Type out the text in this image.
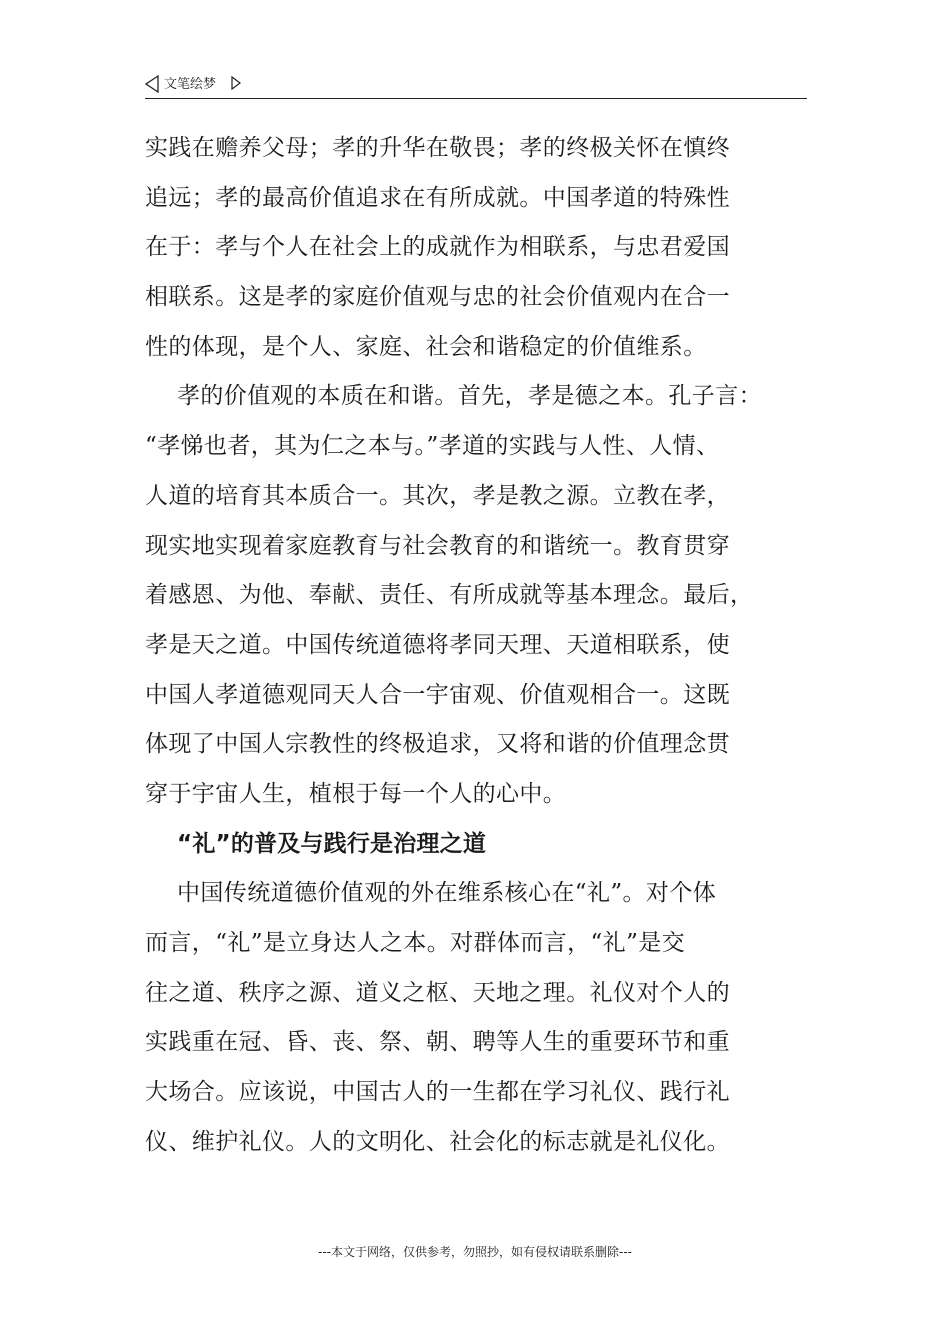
文笔绘梦
实践在赡养父母；孝的升华在敬畏；孝的终极关怀在慎终
追远；孝的最高价值追求在有所成就。中国孝道的特殊性
在于：孝与个人在社会上的成就作为相联系，与忠君爱国
相联系。这是孝的家庭价值观与忠的社会价值观内在合一
性的体现，是个人、家庭、社会和谐稳定的价值维系。
孝的价值观的本质在和谐。首先，孝是德之本。孔子言：
“孝悌也者，其为仁之本与。”孝道的实践与人性、人情、
人道的培育其本质合一。其次，孝是教之源。立教在孝，
现实地实现着家庭教育与社会教育的和谐统一。教育贯穿
着感恩、为他、奉献、责任、有所成就等基本理念。最后，
孝是天之道。中国传统道德将孝同天理、天道相联系，使
中国人孝道德观同天人合一宇宙观、价值观相合一。这既
体现了中国人宗教性的终极追求，又将和谐的价值理念贯
穿于宇宙人生，植根于每一个人的心中。
“礼”的普及与践行是治理之道
中国传统道德价值观的外在维系核心在“礼”。对个体
而言，“礼”是立身达人之本。对群体而言，“礼”是交
往之道、秩序之源、道义之枢、天地之理。礼仪对个人的
实践重在冠、昏、丧、祭、朝、聘等人生的重要环节和重
大场合。应该说，中国古人的一生都在学习礼仪、践行礼
仪、维护礼仪。人的文明化、社会化的标志就是礼仪化。
---本文于网络，仅供参考，勿照抄，如有侵权请联系删除---
